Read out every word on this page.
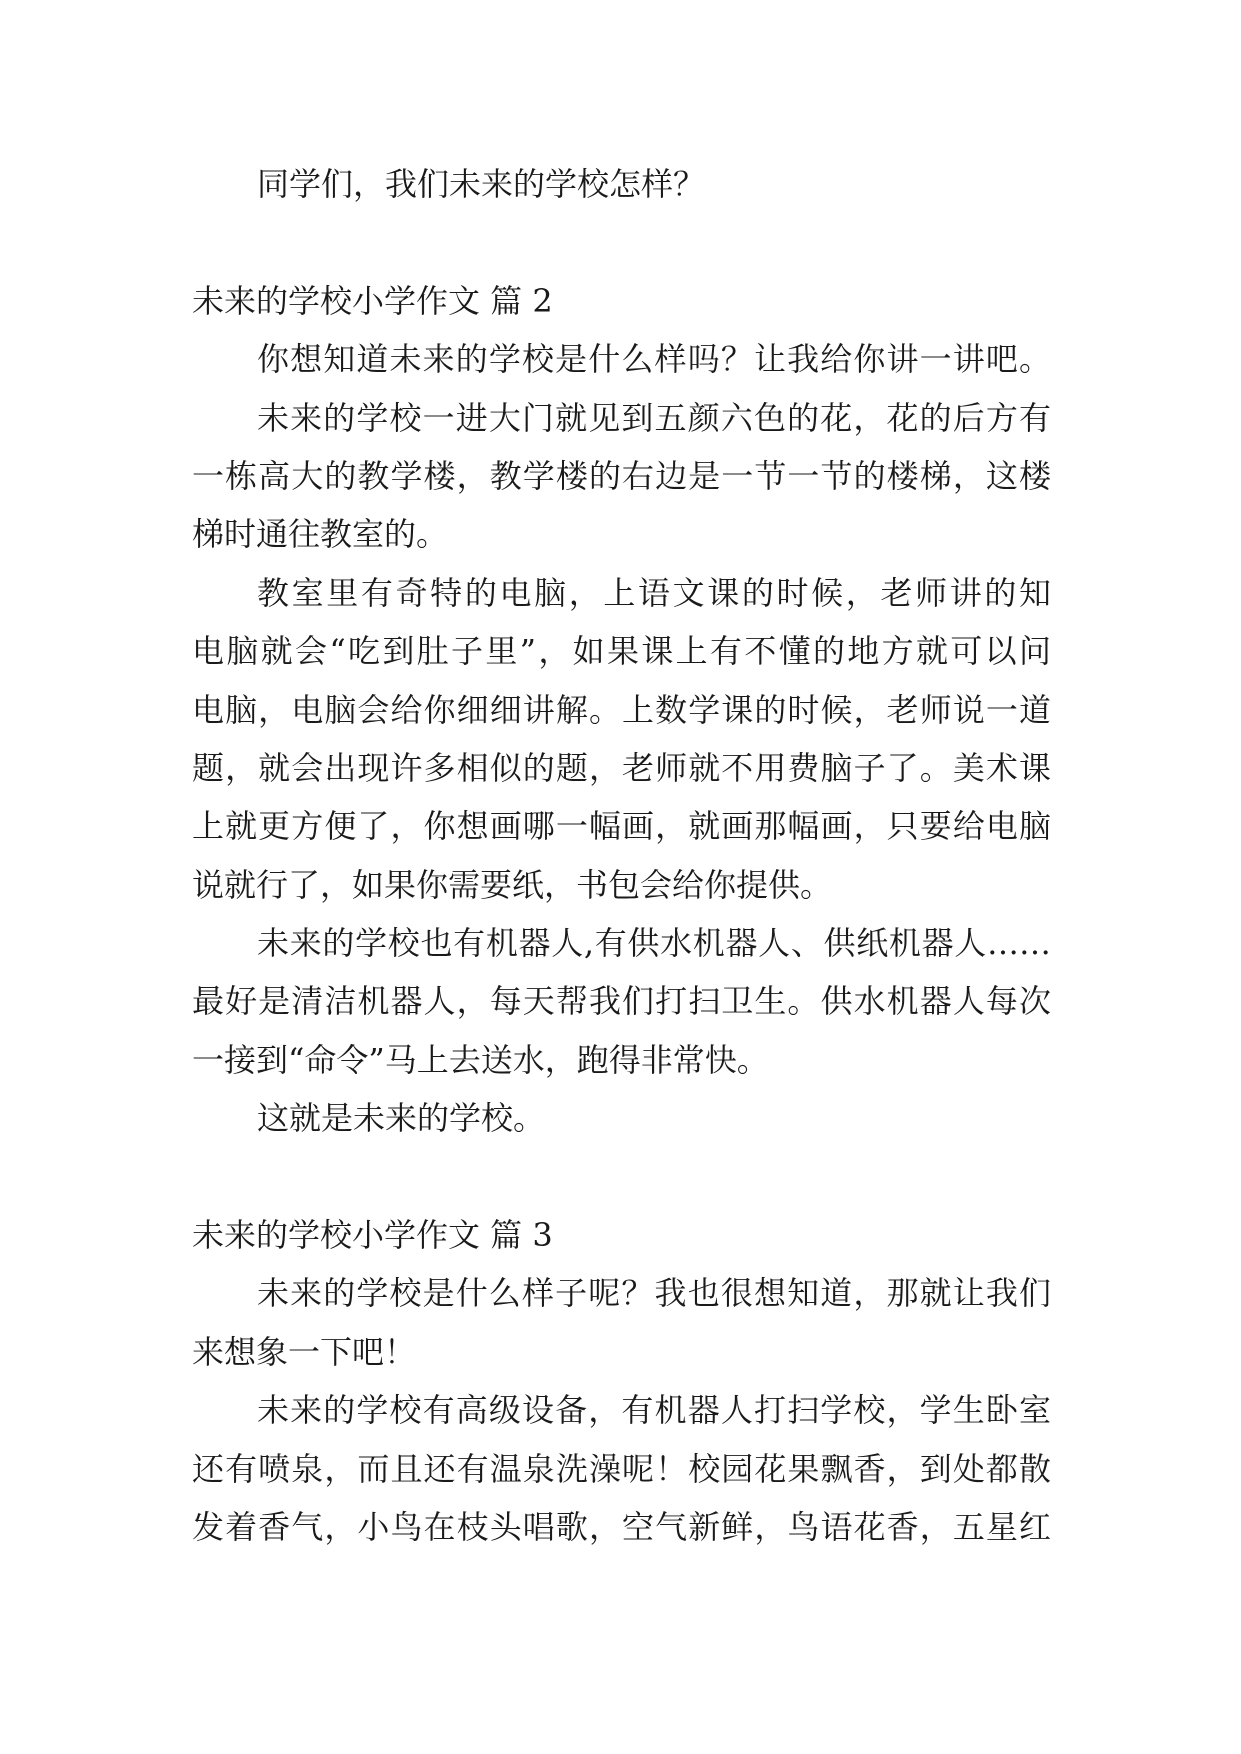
同学们，我们未来的学校怎样？
未来的学校小学作文 篇 2
你想知道未来的学校是什么样吗？让我给你讲一讲吧。
未来的学校一进大门就见到五颜六色的花，花的后方有
一栋高大的教学楼，教学楼的右边是一节一节的楼梯，这楼
梯时通往教室的。
教室里有奇特的电脑，上语文课的时候，老师讲的知
电脑就会“吃到肚子里”，如果课上有不懂的地方就可以问
电脑，电脑会给你细细讲解。上数学课的时候，老师说一道
题，就会出现许多相似的题，老师就不用费脑子了。美术课
上就更方便了，你想画哪一幅画，就画那幅画，只要给电脑
说就行了，如果你需要纸，书包会给你提供。
未来的学校也有机器人,有供水机器人、供纸机器人……
最好是清洁机器人，每天帮我们打扫卫生。供水机器人每次
一接到“命令”马上去送水，跑得非常快。
这就是未来的学校。
未来的学校小学作文 篇 3
未来的学校是什么样子呢？我也很想知道，那就让我们
来想象一下吧！
未来的学校有高级设备，有机器人打扫学校，学生卧室
还有喷泉，而且还有温泉洗澡呢！校园花果飘香，到处都散
发着香气，小鸟在枝头唱歌，空气新鲜，鸟语花香，五星红
